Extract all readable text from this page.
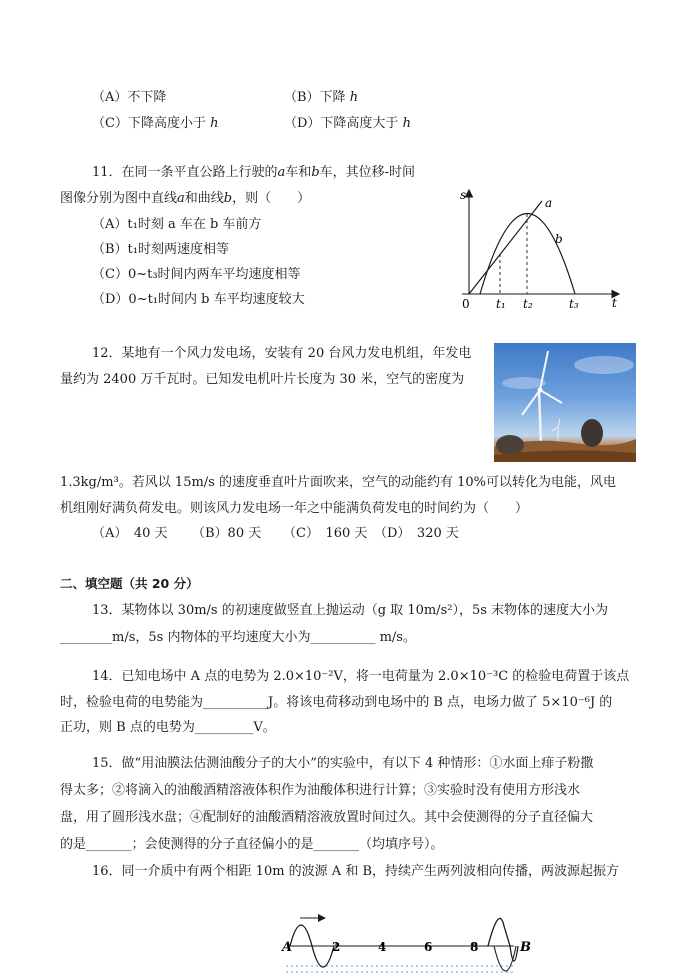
（A）不下降	（B）下降 h
（C）下降高度小于 h	（D）下降高度大于 h
11．在同一条平直公路上行驶的a车和b车，其位移-时间
图像分别为图中直线a和曲线b，则（　　）
（A）t₁时刻 a 车在 b 车前方
（B）t₁时刻两速度相等
（C）0~t₃时间内两车平均速度相等
（D）0~t₁时间内 b 车平均速度较大
s
t
0
a
b
t₁ t₂	t₃
12．某地有一个风力发电场，安装有 20 台风力发电机组，年发电
量约为 2400 万千瓦时。已知发电机叶片长度为 30 米，空气的密度为
1.3kg/m³。若风以 15m/s 的速度垂直叶片面吹来，空气的动能约有 10%可以转化为电能，风电
机组刚好满负荷发电。则该风力发电场一年之中能满负荷发电的时间约为（　　）
（A）　40 天 （B）80 天 （C）　160 天 （D）　320 天
二、填空题（共 20 分）
13．某物体以 30m/s 的初速度做竖直上抛运动（g 取 10m/s²），5s 末物体的速度大小为
________m/s，5s 内物体的平均速度大小为__________ m/s。
14．已知电场中 A 点的电势为 2.0×10⁻²V，将一电荷量为 2.0×10⁻³C 的检验电荷置于该点
时，检验电荷的电势能为__________J。将该电荷移动到电场中的 B 点，电场力做了 5×10⁻⁶J 的
正功，则 B 点的电势为_________V。
15．做“用油膜法估测油酸分子的大小”的实验中，有以下 4 种情形：①水面上痱子粉撒
得太多；②将滴入的油酸酒精溶液体积作为油酸体积进行计算；③实验时没有使用方形浅水
盘，用了圆形浅水盘；④配制好的油酸酒精溶液放置时间过久。其中会使测得的分子直径偏大
的是_______；会使测得的分子直径偏小的是_______（均填序号）。
16．同一介质中有两个相距 10m 的波源 A 和 B，持续产生两列波相向传播，两波源起振方
A	B
2	4	6	8
